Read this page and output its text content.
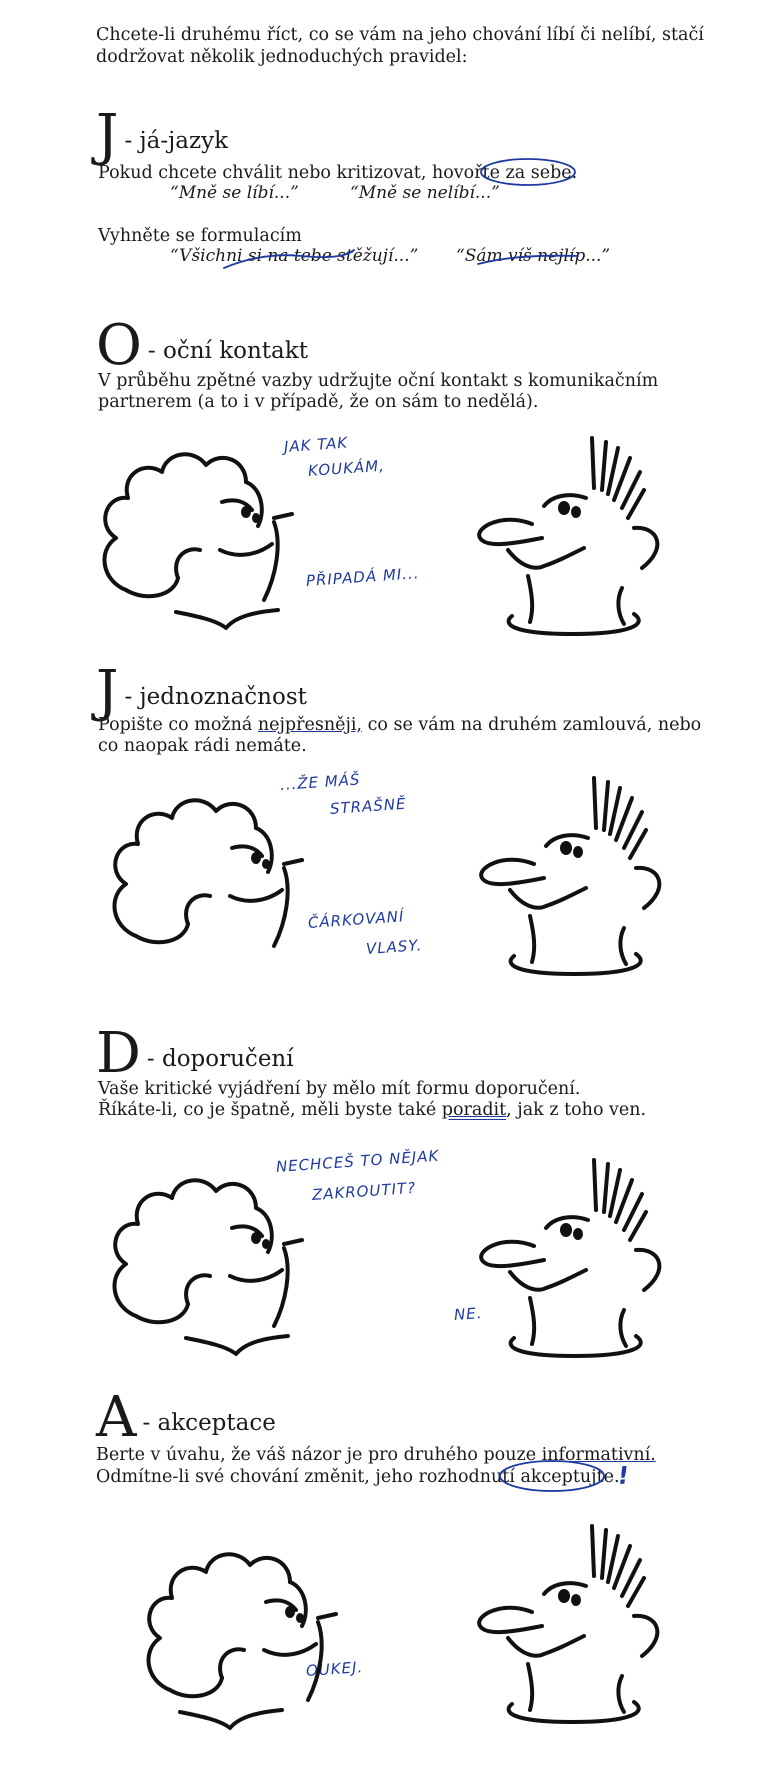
Chcete-li druhému říct, co se vám na jeho chování líbí či nelíbí, stačí dodržovat několik jednoduchých pravidel:
J - já-jazyk
Pokud chcete chválit nebo kritizovat, hovořte za sebe.
“Mně se líbí...”	“Mně se nelíbí...”
Vyhněte se formulacím
“Všichni si na tebe stěžují...” “Sám víš nejlíp...”
O - oční kontakt
V průběhu zpětné vazby udržujte oční kontakt s komunikačním
partnerem (a to i v případě, že on sám to nedělá).
JAK TAK
KOUKÁM,
PŘIPADÁ MI...
J - jednoznačnost
Popište co možná nejpřesněji, co se vám na druhém zamlouvá, nebo
co naopak rádi nemáte.
...ŽE MÁŠ
STRAŠNĚ
ČÁRKOVANÍ
VLASY.
D - doporučení
Vaše kritické vyjádření by mělo mít formu doporučení.
Říkáte-li, co je špatně, měli byste také poradit, jak z toho ven.
NECHCEŠ TO NĚJAK
ZAKROUTIT?
NE.
A - akceptace
Berte v úvahu, že váš názor je pro druhého pouze informativní.
Odmítne-li své chování změnit, jeho rozhodnutí akceptujte.
!
OUKEJ.
